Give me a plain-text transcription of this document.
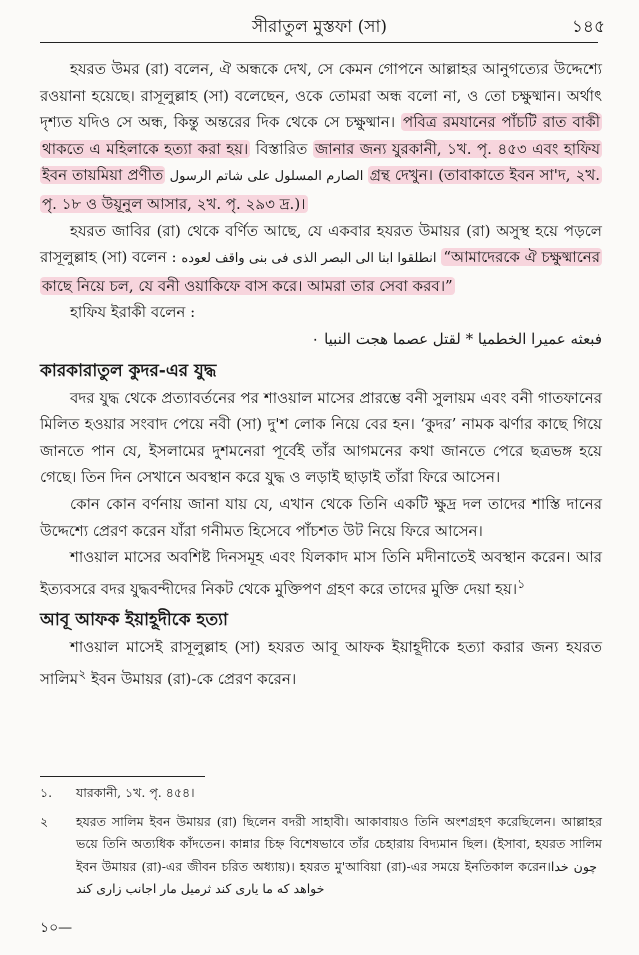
সীরাতুল মুস্তফা (সা)	১৪৫

হযরত উমর (রা) বলেন, ঐ অন্ধকে দেখ, সে কেমন গোপনে আল্লাহর আনুগত্যের উদ্দেশ্যে রওয়ানা হয়েছে। রাসূলুল্লাহ (সা) বলেছেন, ওকে তোমরা অন্ধ বলো না, ও তো চক্ষুষ্মান। অর্থাৎ দৃশ্যত যদিও সে অন্ধ, কিন্তু অন্তরের দিক থেকে সে চক্ষুষ্মান। পবিত্র রমযানের পাঁচটি রাত বাকী থাকতে এ মহিলাকে হত্যা করা হয়। বিস্তারিত জানার জন্য যুরকানী, ১খ. পৃ. ৪৫৩ এবং হাফিয ইবন তায়মিয়া প্রণীত الصارم المسلول على شاتم الرسول গ্রন্থ দেখুন। (তাবাকাতে ইবন সা'দ, ২খ. পৃ. ১৮ ও উয়ূনুল আসার, ২খ. পৃ. ২৯৩ দ্র.)।

হযরত জাবির (রা) থেকে বর্ণিত আছে, যে একবার হযরত উমায়র (রা) অসুস্থ হয়ে পড়লে রাসূলুল্লাহ (সা) বলেন : انطلقوا ابنا الى البصر الذى فى بنى واقف لعوده “আমাদেরকে ঐ চক্ষুষ্মানের কাছে নিয়ে চল, যে বনী ওয়াকিফে বাস করে। আমরা তার সেবা করব।”

হাফিয ইরাকী বলেন :

فبعثه عميرا الخطميا * لقتل عصما هجت النبيا ٠

কারকারাতুল কুদর-এর যুদ্ধ

বদর যুদ্ধ থেকে প্রত্যাবর্তনের পর শাওয়াল মাসের প্রারম্ভে বনী সুলায়ম এবং বনী গাতফানের মিলিত হওয়ার সংবাদ পেয়ে নবী (সা) দু'শ লোক নিয়ে বের হন। ‘কুদর’ নামক ঝর্ণার কাছে গিয়ে জানতে পান যে, ইসলামের দুশমনেরা পূর্বেই তাঁর আগমনের কথা জানতে পেরে ছত্রভঙ্গ হয়ে গেছে। তিন দিন সেখানে অবস্থান করে যুদ্ধ ও লড়াই ছাড়াই তাঁরা ফিরে আসেন।

কোন কোন বর্ণনায় জানা যায় যে, এখান থেকে তিনি একটি ক্ষুদ্র দল তাদের শাস্তি দানের উদ্দেশ্যে প্রেরণ করেন যাঁরা গনীমত হিসেবে পাঁচশত উট নিয়ে ফিরে আসেন।

শাওয়াল মাসের অবশিষ্ট দিনসমূহ এবং যিলকাদ মাস তিনি মদীনাতেই অবস্থান করেন। আর ইত্যবসরে বদর যুদ্ধবন্দীদের নিকট থেকে মুক্তিপণ গ্রহণ করে তাদের মুক্তি দেয়া হয়।$^১$

আবূ আফক ইয়াহূদীকে হত্যা

শাওয়াল মাসেই রাসূলুল্লাহ (সা) হযরত আবূ আফক ইয়াহূদীকে হত্যা করার জন্য হযরত সালিম$^২$ ইবন উমায়র (রা)-কে প্রেরণ করেন।

১.	যারকানী, ১খ. পৃ. ৪৫৪।
২	হযরত সালিম ইবন উমায়র (রা) ছিলেন বদরী সাহাবী। আকাবায়ও তিনি অংশগ্রহণ করেছিলেন। আল্লাহর ভয়ে তিনি অত্যধিক কাঁদতেন। কান্নার চিহ্ন বিশেষভাবে তাঁর চেহারায় বিদ্যমান ছিল। (ইসাবা, হযরত সালিম ইবন উমায়র (রা)-এর জীবন চরিত অধ্যায়)। হযরত মু'আবিয়া (রা)-এর সময়ে ইনতিকাল করেন। چون خدا خواهد که ما یاری کند ثرمیل مار اجانب زاری کند
১০—
